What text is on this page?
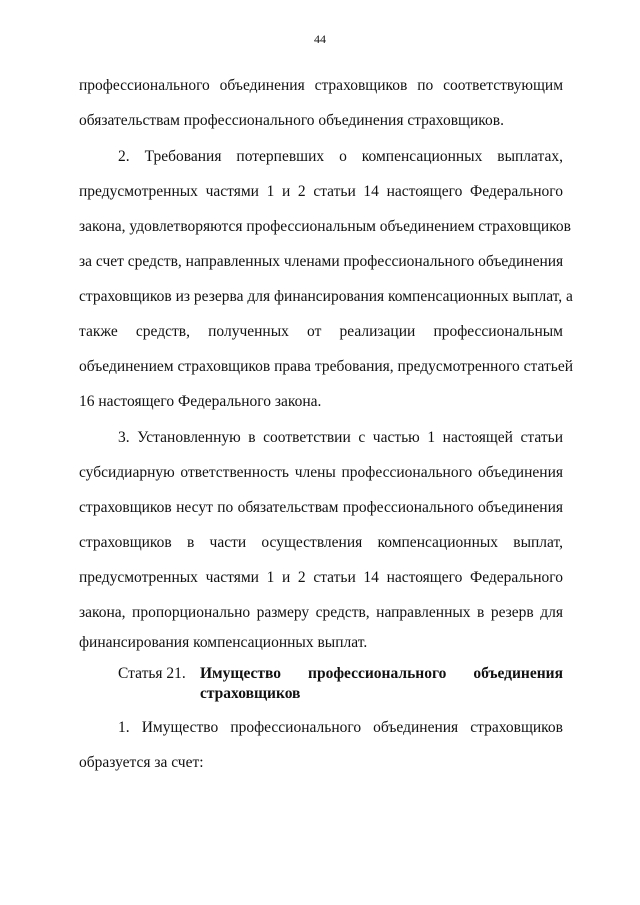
44
профессионального объединения страховщиков по соответствующим
обязательствам профессионального объединения страховщиков.
2. Требования потерпевших о компенсационных выплатах,
предусмотренных частями 1 и 2 статьи 14 настоящего Федерального
закона, удовлетворяются профессиональным объединением страховщиков
за счет средств, направленных членами профессионального объединения
страховщиков из резерва для финансирования компенсационных выплат, а
также средств, полученных от реализации профессиональным
объединением страховщиков права требования, предусмотренного статьей
16 настоящего Федерального закона.
3. Установленную в соответствии с частью 1 настоящей статьи
субсидиарную ответственность члены профессионального объединения
страховщиков несут по обязательствам профессионального объединения
страховщиков в части осуществления компенсационных выплат,
предусмотренных частями 1 и 2 статьи 14 настоящего Федерального
закона, пропорционально размеру средств, направленных в резерв для
финансирования компенсационных выплат.
Статья 21. Имущество профессионального объединения
страховщиков
1. Имущество профессионального объединения страховщиков
образуется за счет:
